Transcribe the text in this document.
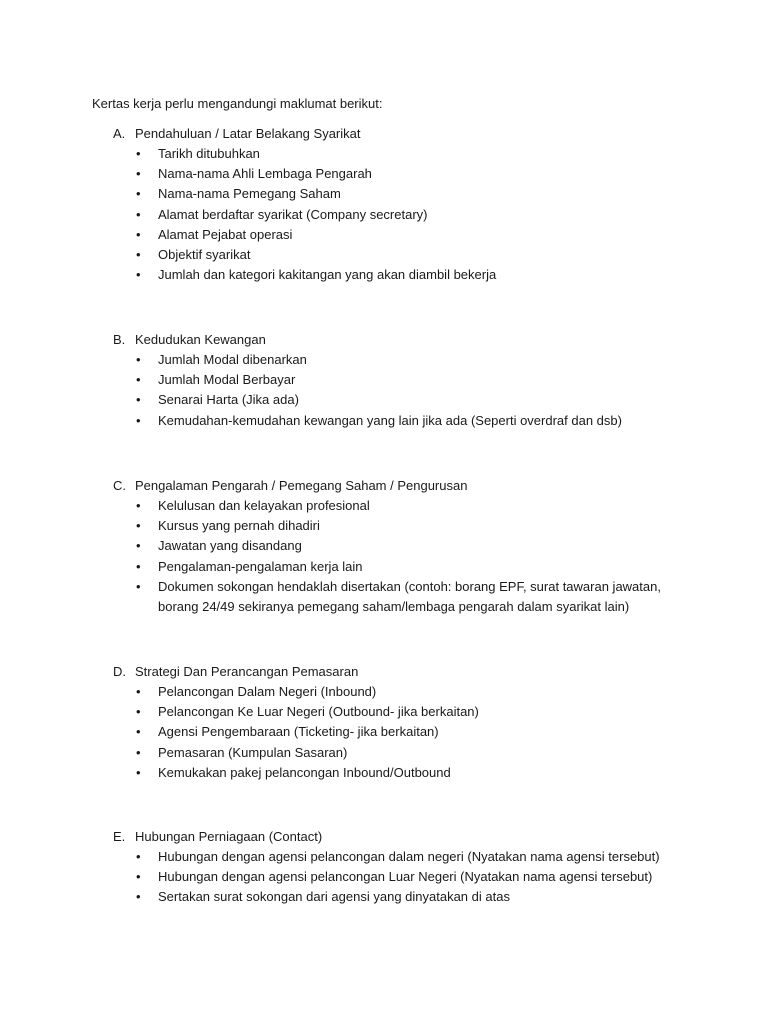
Kertas kerja perlu mengandungi maklumat berikut:
A. Pendahuluan / Latar Belakang Syarikat
• Tarikh ditubuhkan
• Nama-nama Ahli Lembaga Pengarah
• Nama-nama Pemegang Saham
• Alamat berdaftar syarikat (Company secretary)
• Alamat Pejabat operasi
• Objektif syarikat
• Jumlah dan kategori kakitangan yang akan diambil bekerja
B. Kedudukan Kewangan
• Jumlah Modal dibenarkan
• Jumlah Modal Berbayar
• Senarai Harta (Jika ada)
• Kemudahan-kemudahan kewangan yang lain jika ada (Seperti overdraf dan dsb)
C. Pengalaman Pengarah / Pemegang Saham / Pengurusan
• Kelulusan dan kelayakan profesional
• Kursus yang pernah dihadiri
• Jawatan yang disandang
• Pengalaman-pengalaman kerja lain
• Dokumen sokongan hendaklah disertakan (contoh: borang EPF, surat tawaran jawatan,
borang 24/49 sekiranya pemegang saham/lembaga pengarah dalam syarikat lain)
D. Strategi Dan Perancangan Pemasaran
• Pelancongan Dalam Negeri (Inbound)
• Pelancongan Ke Luar Negeri (Outbound- jika berkaitan)
• Agensi Pengembaraan (Ticketing- jika berkaitan)
• Pemasaran (Kumpulan Sasaran)
• Kemukakan pakej pelancongan Inbound/Outbound
E. Hubungan Perniagaan (Contact)
• Hubungan dengan agensi pelancongan dalam negeri (Nyatakan nama agensi tersebut)
• Hubungan dengan agensi pelancongan Luar Negeri (Nyatakan nama agensi tersebut)
• Sertakan surat sokongan dari agensi yang dinyatakan di atas
